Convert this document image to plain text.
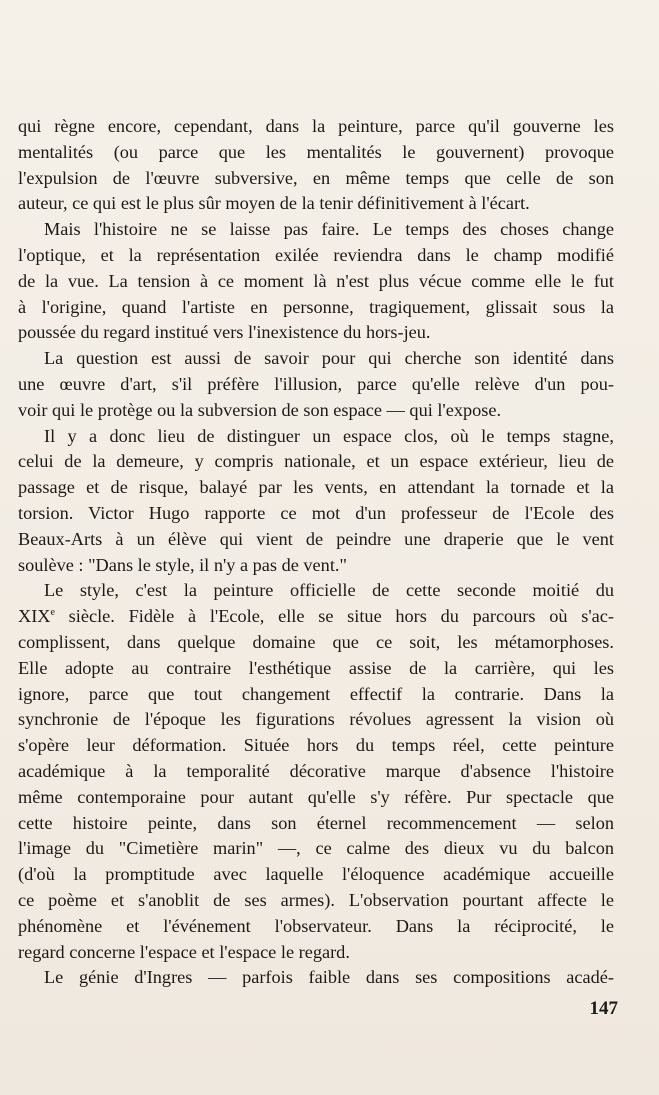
qui règne encore, cependant, dans la peinture, parce qu'il gouverne les
mentalités (ou parce que les mentalités le gouvernent) provoque
l'expulsion de l'œuvre subversive, en même temps que celle de son
auteur, ce qui est le plus sûr moyen de la tenir définitivement à l'écart.
Mais l'histoire ne se laisse pas faire. Le temps des choses change
l'optique, et la représentation exilée reviendra dans le champ modifié
de la vue. La tension à ce moment là n'est plus vécue comme elle le fut
à l'origine, quand l'artiste en personne, tragiquement, glissait sous la
poussée du regard institué vers l'inexistence du hors-jeu.
La question est aussi de savoir pour qui cherche son identité dans
une œuvre d'art, s'il préfère l'illusion, parce qu'elle relève d'un pou-
voir qui le protège ou la subversion de son espace — qui l'expose.
Il y a donc lieu de distinguer un espace clos, où le temps stagne,
celui de la demeure, y compris nationale, et un espace extérieur, lieu de
passage et de risque, balayé par les vents, en attendant la tornade et la
torsion. Victor Hugo rapporte ce mot d'un professeur de l'Ecole des
Beaux-Arts à un élève qui vient de peindre une draperie que le vent
soulève : "Dans le style, il n'y a pas de vent."
Le style, c'est la peinture officielle de cette seconde moitié du
XIXe siècle. Fidèle à l'Ecole, elle se situe hors du parcours où s'ac-
complissent, dans quelque domaine que ce soit, les métamorphoses.
Elle adopte au contraire l'esthétique assise de la carrière, qui les
ignore, parce que tout changement effectif la contrarie. Dans la
synchronie de l'époque les figurations révolues agressent la vision où
s'opère leur déformation. Située hors du temps réel, cette peinture
académique à la temporalité décorative marque d'absence l'histoire
même contemporaine pour autant qu'elle s'y réfère. Pur spectacle que
cette histoire peinte, dans son éternel recommencement — selon
l'image du "Cimetière marin" —, ce calme des dieux vu du balcon
(d'où la promptitude avec laquelle l'éloquence académique accueille
ce poème et s'anoblit de ses armes). L'observation pourtant affecte le
phénomène et l'événement l'observateur. Dans la réciprocité, le
regard concerne l'espace et l'espace le regard.
Le génie d'Ingres — parfois faible dans ses compositions acadé-
147
